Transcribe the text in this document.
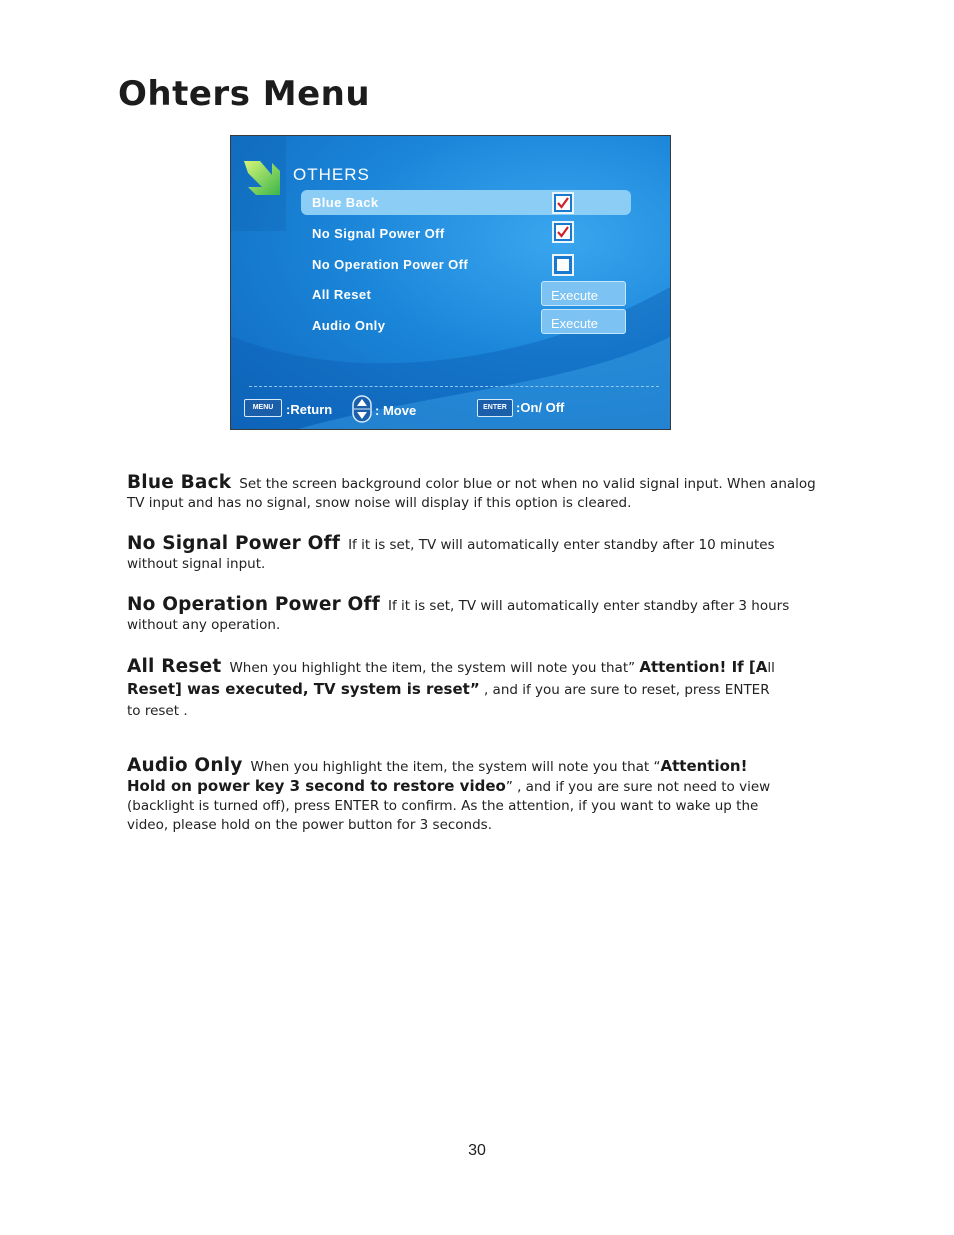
Ohters Menu
OTHERS
Blue Back
No Signal Power Off
No Operation Power Off
All Reset
Audio Only
Execute
Execute
MENU :Return	: Move	ENTER :On/ Off
Blue Back Set the screen background color blue or not when no valid signal input. When analog
TV input and has no signal, snow noise will display if this option is cleared.
No Signal Power Off If it is set, TV will automatically enter standby after 10 minutes
without signal input.
No Operation Power Off If it is set, TV will automatically enter standby after 3 hours
without any operation.
All Reset When you highlight the item, the system will note you that” Attention! If [All
Reset] was executed, TV system is reset” , and if you are sure to reset, press ENTER
to reset .
Audio Only When you highlight the item, the system will note you that “Attention!
Hold on power key 3 second to restore video” , and if you are sure not need to view
(backlight is turned off), press ENTER to confirm. As the attention, if you want to wake up the
video, please hold on the power button for 3 seconds.
30
